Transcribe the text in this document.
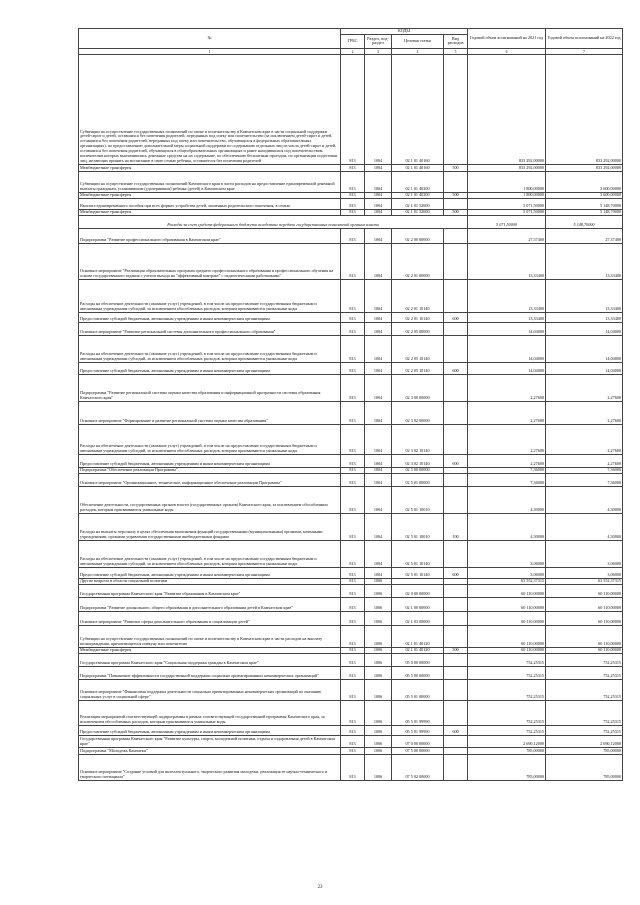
№	КОДЫ				Годовой объем ассигнований на 2021 год	Годовой объем ассигнований на 2022 год
	ГРБС	Раздел, под- раздел	Целевая статья	Вид расходов		
1	2	3	4	5	6	7
Субвенции на осуществление государственных полномочий по опеке и попечительству в Камчатском крае в части социальной поддержки детей-сирот и детей, оставшихся без попечения родителей, переданных под опеку или попечительство (за исключением детей-сирот и детей, оставшихся без попечения родителей, переданных под опеку или попечительство, обучающихся в федеральных образовательных организациях), по предоставлению дополнительной меры социальной поддержки по содержанию отдельных лиц из числа детей-сирот и детей, оставшихся без попечения родителей, обучающихся в общеобразовательных организациях и ранее находившихся под попечительством, попечителям которых выплачивались денежные средства на их содержание, по обеспечению бесплатным проездом, по организации подготовки лиц, желающих принять на воспитание в свою семью ребенка, оставшегося без попечения родителей	813	1004	02 1 01 40160		833 292,00000	833 292,00000
Межбюджетные трансферты	813	1004	02 1 01 40160	500	833 292,00000	833 292,00000
Субвенции на осуществление государственных полномочий Камчатского края в части расходов на предоставление единовременной денежной выплаты гражданам, усыновившим (удочерившим) ребенка (детей) в Камчатском крае	813	1004	02 1 01 40200		1 800,00000	3 600,00000
Межбюджетные трансферты	813	1004	02 1 01 40200	500	1 800,00000	3 600,00000
Выплата единовременного пособия при всех формах устройства детей, лишенных родительского попечения, в семью	813	1004	02 1 01 52600		5 071,50000	5 148,70000
Межбюджетные трансферты	813	1004	02 1 01 52600	500	5 071,50000	5 148,70000
Расходы за счет средств федерального бюджета вследствие передачи государственных полномочий органам власти					5 071,50000	5 148,70000
Подпрограмма "Развитие профессионального образования в Камчатском крае"	813	1004	02 2 00 00000		27,57400	27,37400
Основное мероприятие "Реализация образовательных программ среднего профессионального образования и профессионального обучения на основе государственного задания с учетом выхода на "эффективный контракт" с педагогическими работниками"	813	1004	02 2 01 00000		13,33400	13,33400
Расходы на обеспечение деятельности (оказание услуг) учреждений, в том числе на предоставление государственным бюджетным и автономным учреждениям субсидий, за исключением обособленных расходов, которым присваиваются уникальные коды	813	1004	02 2 01 10140		13,33400	13,33400
Предоставление субсидий бюджетным, автономным учреждениям и иным некоммерческим организациям	813	1004	02 2 01 10140	600	13,33400	13,33400
Основное мероприятие "Развитие региональной системы дополнительного профессионального образования"	813	1004	02 2 05 00000		14,04000	14,04000
Расходы на обеспечение деятельности (оказание услуг) учреждений, в том числе на предоставление государственным бюджетным и автономным учреждениям субсидий, за исключением обособленных расходов, которым присваиваются уникальные коды	813	1004	02 2 05 10140		14,04000	14,04000
Предоставление субсидий бюджетным, автономным учреждениям и иным некоммерческим организациям	813	1004	02 2 05 10140	600	14,04000	14,04000
Подпрограмма "Развитие региональной системы оценки качества образования и информационной прозрачности системы образования Камчатского края"	813	1004	02 3 00 00000		2,27600	2,27600
Основное мероприятие "Формирование и развитие региональной системы оценки качества образования"	813	1004	02 3 02 00000		2,27600	2,27600
Расходы на обеспечение деятельности (оказание услуг) учреждений, в том числе на предоставление государственным бюджетным и автономным учреждениям субсидий, за исключением обособленных расходов, которым присваиваются уникальные коды	813	1004	02 3 02 10140		2,27600	2,27600
Предоставление субсидий бюджетным, автономным учреждениям и иным некоммерческим организациям	813	1004	02 3 02 10140	600	2,27600	2,27600
Подпрограмма "Обеспечение реализации Программы"	813	1004	02 5 00 00000		7,36000	7,36000
Основное мероприятие "Организационное, техническое, информационное обеспечение реализации Программы"	813	1004	02 5 01 00000		7,36000	7,36000
Обеспечение деятельности, государственных органов власти (государственных органов) Камчатского края, за исключением обособленных расходов, которым присваиваются уникальные коды	813	1004	02 5 01 10010		4,30000	4,30000
Расходы на выплаты персоналу в целях обеспечения выполнения функций государственными (муниципальными) органами, казенными учреждениями, органами управления государственными внебюджетными фондами	813	1004	02 5 01 10010	100	4,30000	4,30000
Расходы на обеспечение деятельности (оказание услуг) учреждений, в том числе на предоставление государственным бюджетным и автономным учреждениям субсидий, за исключением обособленных расходов, которым присваиваются уникальные коды	813	1004	02 5 01 10140		3,06000	3,06000
Предоставление субсидий бюджетным, автономным учреждениям и иным некоммерческим организациям	813	1004	02 5 01 10140	600	3,06000	3,06000
Другие вопросы в области социальной политики	813	1006			63 552,37315	63 552,37315
Государственная программа Камчатского края "Развитие образования в Камчатском крае"	813	1006	02 0 00 00000		60 110,00000	60 110,00000
Подпрограмма "Развитие дошкольного, общего образования и дополнительного образования детей в Камчатском крае"	813	1006	02 1 00 00000		60 110,00000	60 110,00000
Основное мероприятие "Развитие сферы дополнительного образования и социализации детей"	813	1006	02 1 03 00000		60 110,00000	60 110,00000
Субвенции на осуществление государственных полномочий по опеке и попечительству в Камчатском крае в части расходов на выплату вознаграждения, причитающегося опекуну или попечителю	813	1006	02 1 01 40120		60 110,00000	60 110,00000
Межбюджетные трансферты	813	1006	02 1 01 40120	500	60 110,00000	60 110,00000
Государственная программа Камчатского края "Социальная поддержка граждан в Камчатском крае"	813	1006	05 0 00 00000		752,25315	752,25315
Подпрограмма "Повышение эффективности государственной поддержки социально ориентированных некоммерческих организаций"	813	1006	05 5 00 00000		752,25315	752,25315
Основное мероприятие "Финансовая поддержка деятельности социально ориентированных некоммерческих организаций по оказанию социальных услуг в социальной сфере"	813	1006	05 5 01 00000		752,25315	752,25315
Реализация мероприятий соответствующей подпрограммы в рамках соответствующей государственной программы Камчатского края, за исключением обособленных расходов, которым присваиваются уникальные коды	813	1006	05 5 01 99990		752,25315	752,25315
Предоставление субсидий бюджетным, автономным учреждениям и иным некоммерческим организациям	813	1006	05 5 01 99990	600	752,25315	752,25315
Государственная программа Камчатского края "Развитие культуры, спорта, молодежной политики, отдыха и оздоровления детей в Камчатском крае"	813	1006	07 0 00 00000		2 690,12000	2 690,12000
Подпрограмма "Молодежь Камчатки"	813	1006	07 5 00 00000		785,00000	785,00000
Основное мероприятие "Создание условий для интеллектуального, творческого развития молодежи, реализация ее научно-технического и творческого потенциала"	813	1006	07 5 02 00000		785,00000	785,00000
23
